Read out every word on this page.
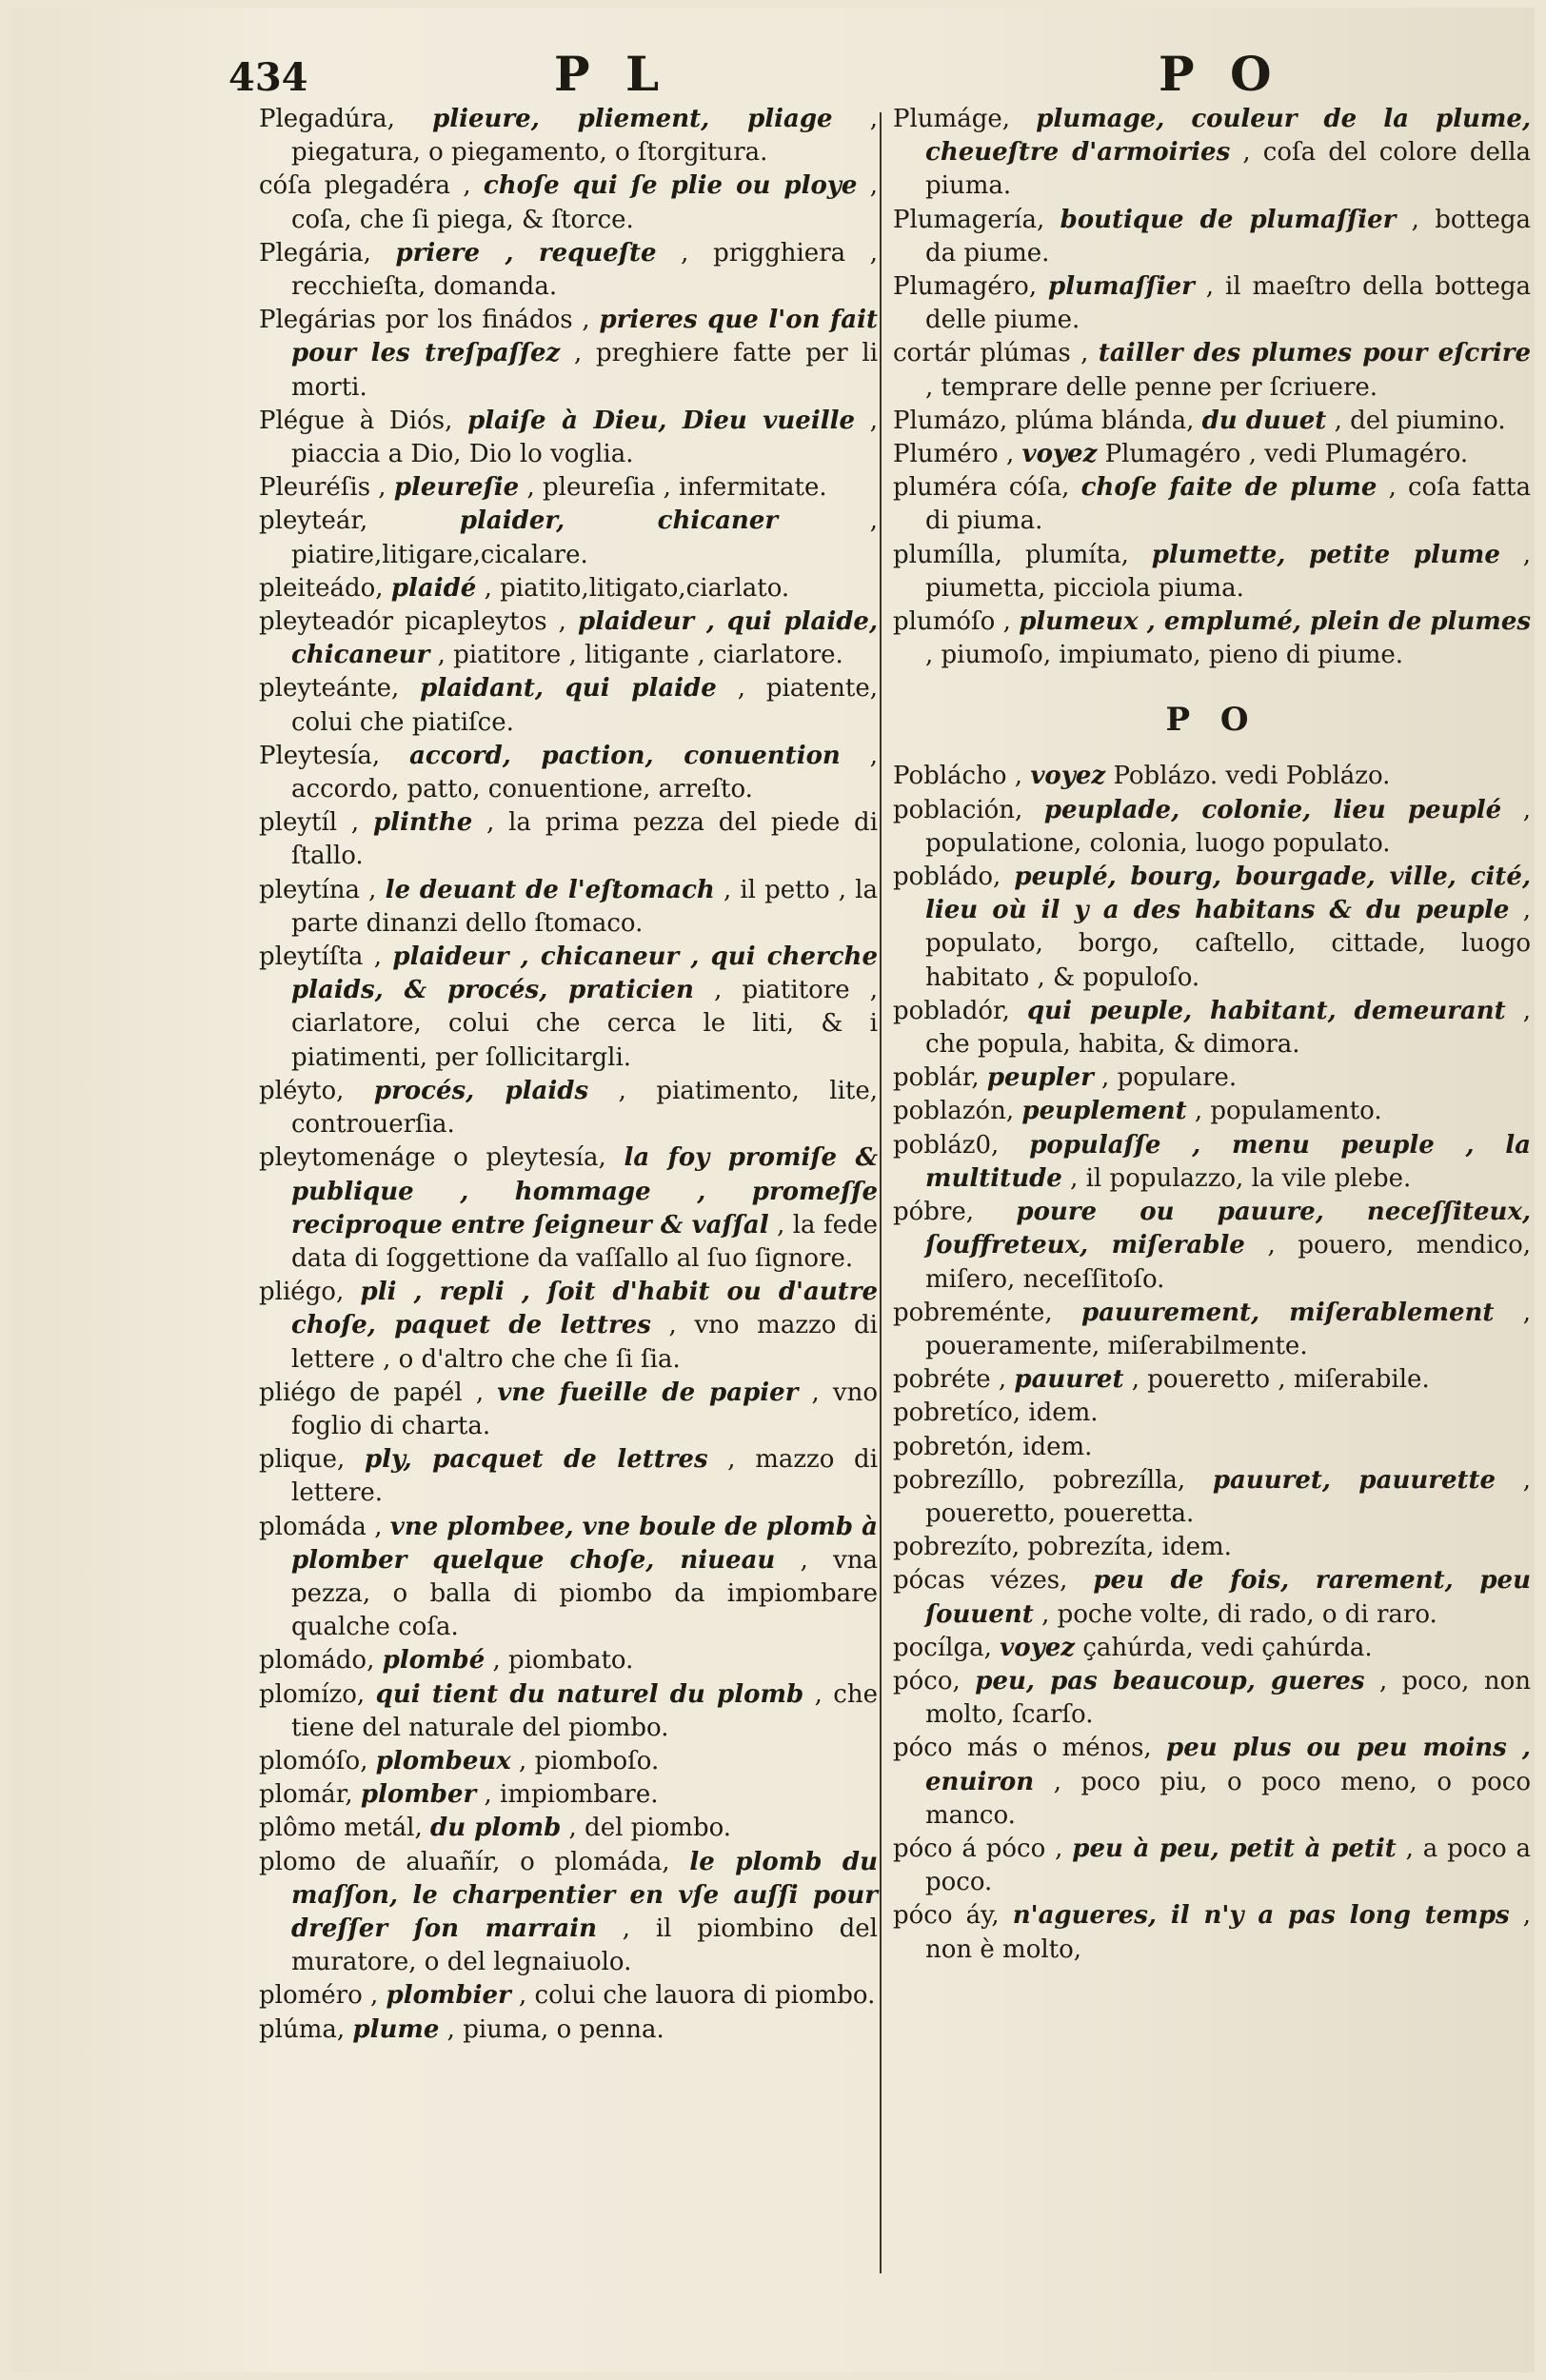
434	P L	P O

Plegadúra, plieure, pliement, pliage , piegatura, o piegamento, o ſtorgitura.

cóſa plegadéra , choſe qui ſe plie ou ploye , coſa, che ſi piega, & ſtorce.

Plegária, priere , requeſte , prigghiera , recchieſta, domanda.

Plegárias por los finádos , prieres que l'on fait pour les treſpaſſez , preghiere fatte per li morti.

Plégue à Diós, plaiſe à Dieu, Dieu vueille , piaccia a Dio, Dio lo voglia.

Pleuréſis , pleureſie , pleureſia , infermitate.

pleyteár,	plaider, chicaner	, piatire,litigare,cicalare.

pleiteádo, plaidé , piatito,litigato,ciarlato.

pleyteadór picapleytos , plaideur , qui plaide, chicaneur , piatitore , litigante , ciarlatore.

pleyteánte, plaidant, qui plaide , piatente, colui che piatiſce.

Pleytesía, accord, paction, conuention , accordo, patto, conuentione, arreſto.

pleytíl , plinthe , la prima pezza del piede di ſtallo.

pleytína , le deuant de l'eſtomach , il petto , la parte dinanzi dello ſtomaco.

pleytíſta , plaideur , chicaneur , qui cherche plaids, & procés, praticien , piatitore , ciarlatore, colui che cerca le liti, & i piatimenti, per ſollicitargli.

pléyto, procés, plaids , piatimento, lite, controuerſia.

pleytomenáge o pleytesía, la foy promiſe & publique , hommage , promeſſe reciproque entre ſeigneur & vaſſal , la fede data di ſoggettione da vaſſallo al ſuo ſignore.

pliégo, pli , repli , ſoit d'habit ou d'autre choſe, paquet de lettres , vno mazzo di lettere , o d'altro che che ſi ſia.

pliégo de papél , vne fueille de papier , vno foglio di charta.

plique, ply, pacquet de lettres , mazzo di lettere.

plomáda , vne plombee, vne boule de plomb à plomber quelque choſe, niueau , vna pezza, o balla di piombo da impiombare qualche coſa.

plomádo, plombé , piombato.

plomízo, qui tient du naturel du plomb , che tiene del naturale del piombo.

plomóſo, plombeux , piomboſo.

plomár, plomber , impiombare.

plômo metál, du plomb , del piombo.

plomo de aluañír, o plomáda, le plomb du maſſon, le charpentier en vſe auſſi pour dreſſer ſon marrain , il piombino del muratore, o del legnaiuolo.

ploméro , plombier , colui che lauora di piombo.

plúma, plume , piuma, o penna.

Plumáge, plumage, couleur de la plume, cheueſtre d'armoiries , coſa del colore della piuma.

Plumagería, boutique de plumaſſier , bottega da piume.

Plumagéro, plumaſſier , il maeſtro della bottega delle piume.

cortár plúmas , tailler des plumes pour eſcrire , temprare delle penne per ſcriuere.

Plumázo, plúma blánda, du duuet , del piumino.

Pluméro , voyez Plumagéro , vedi Plumagéro.

pluméra cóſa, choſe faite de plume , coſa fatta di piuma.

plumílla, plumíta, plumette, petite plume , piumetta, picciola piuma.

plumóſo , plumeux , emplumé, plein de plumes , piumoſo, impiumato, pieno di piume.

P O

Poblácho , voyez Poblázo. vedi Poblázo.

población, peuplade, colonie, lieu peuplé , populatione, colonia, luogo populato.

pobládo, peuplé, bourg, bourgade, ville, cité, lieu où il y a des habitans & du peuple , populato, borgo, caſtello, cittade, luogo habitato , & populoſo.

pobladór, qui peuple, habitant, demeurant , che popula, habita, & dimora.

poblár, peupler , populare.

poblazón, peuplement , populamento.

pobláz0, populaſſe , menu peuple , la multitude , il populazzo, la vile plebe.

póbre, poure ou pauure, neceſſiteux, ſouffreteux, miſerable , pouero, mendico, miſero, neceſſitoſo.

pobreménte, pauurement, miſerablement , poueramente, miſerabilmente.

pobréte , pauuret , poueretto , miſerabile.

pobretíco, idem.

pobretón, idem.

pobrezíllo, pobrezílla, pauuret, pauurette , poueretto, poueretta.

pobrezíto, pobrezíta, idem.

pócas vézes, peu de fois, rarement, peu ſouuent , poche volte, di rado, o di raro.

pocílga, voyez çahúrda, vedi çahúrda.

póco, peu, pas beaucoup, gueres , poco, non molto, ſcarſo.

póco más o ménos, peu plus ou peu moins , enuiron , poco piu, o poco meno, o poco manco.

póco á póco , peu à peu, petit à petit , a poco a poco.

póco áy, n'agueres, il n'y a pas long temps , non è molto,
